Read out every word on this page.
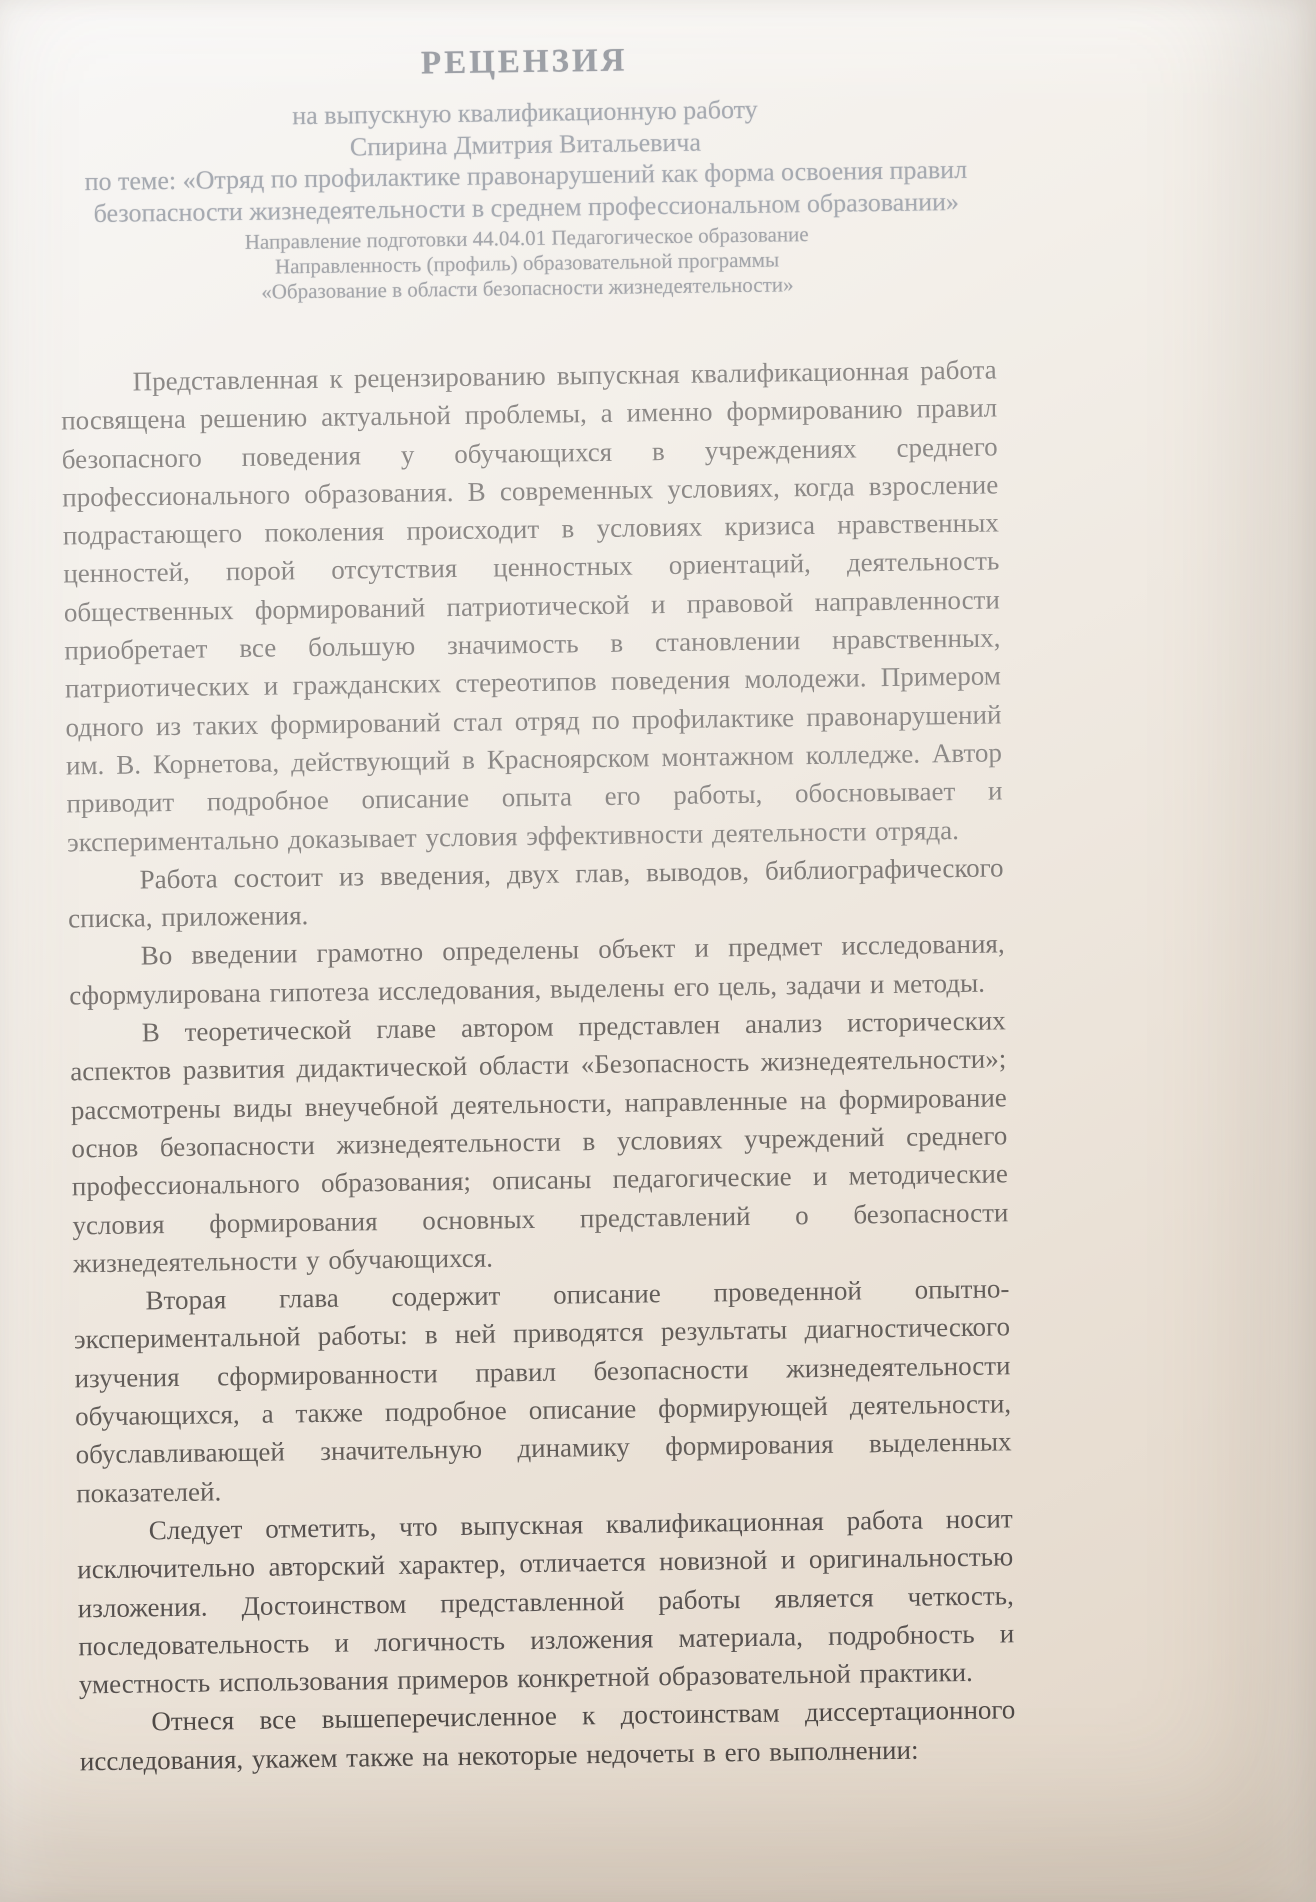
РЕЦЕНЗИЯ
на выпускную квалификационную работу
Спирина Дмитрия Витальевича
по теме: «Отряд по профилактике правонарушений как форма освоения правил безопасности жизнедеятельности в среднем профессиональном образовании»
Направление подготовки 44.04.01 Педагогическое образование
Направленность (профиль) образовательной программы
«Образование в области безопасности жизнедеятельности»

Представленная к рецензированию выпускная квалификационная работа посвящена решению актуальной проблемы, а именно формированию правил безопасного поведения у обучающихся в учреждениях среднего профессионального образования. В современных условиях, когда взросление подрастающего поколения происходит в условиях кризиса нравственных ценностей, порой отсутствия ценностных ориентаций, деятельность общественных формирований патриотической и правовой направленности приобретает все большую значимость в становлении нравственных, патриотических и гражданских стереотипов поведения молодежи. Примером одного из таких формирований стал отряд по профилактике правонарушений им. В. Корнетова, действующий в Красноярском монтажном колледже. Автор приводит подробное описание опыта его работы, обосновывает и экспериментально доказывает условия эффективности деятельности отряда.

Работа состоит из введения, двух глав, выводов, библиографического списка, приложения.

Во введении грамотно определены объект и предмет исследования, сформулирована гипотеза исследования, выделены его цель, задачи и методы.

В теоретической главе автором представлен анализ исторических аспектов развития дидактической области «Безопасность жизнедеятельности»; рассмотрены виды внеучебной деятельности, направленные на формирование основ безопасности жизнедеятельности в условиях учреждений среднего профессионального образования; описаны педагогические и методические условия формирования основных представлений о безопасности жизнедеятельности у обучающихся.

Вторая глава содержит описание проведенной опытно-экспериментальной работы: в ней приводятся результаты диагностического изучения сформированности правил безопасности жизнедеятельности обучающихся, а также подробное описание формирующей деятельности, обуславливающей значительную динамику формирования выделенных показателей.

Следует отметить, что выпускная квалификационная работа носит исключительно авторский характер, отличается новизной и оригинальностью изложения. Достоинством представленной работы является четкость, последовательность и логичность изложения материала, подробность и уместность использования примеров конкретной образовательной практики.

Отнеся все вышеперечисленное к достоинствам диссертационного исследования, укажем также на некоторые недочеты в его выполнении:
